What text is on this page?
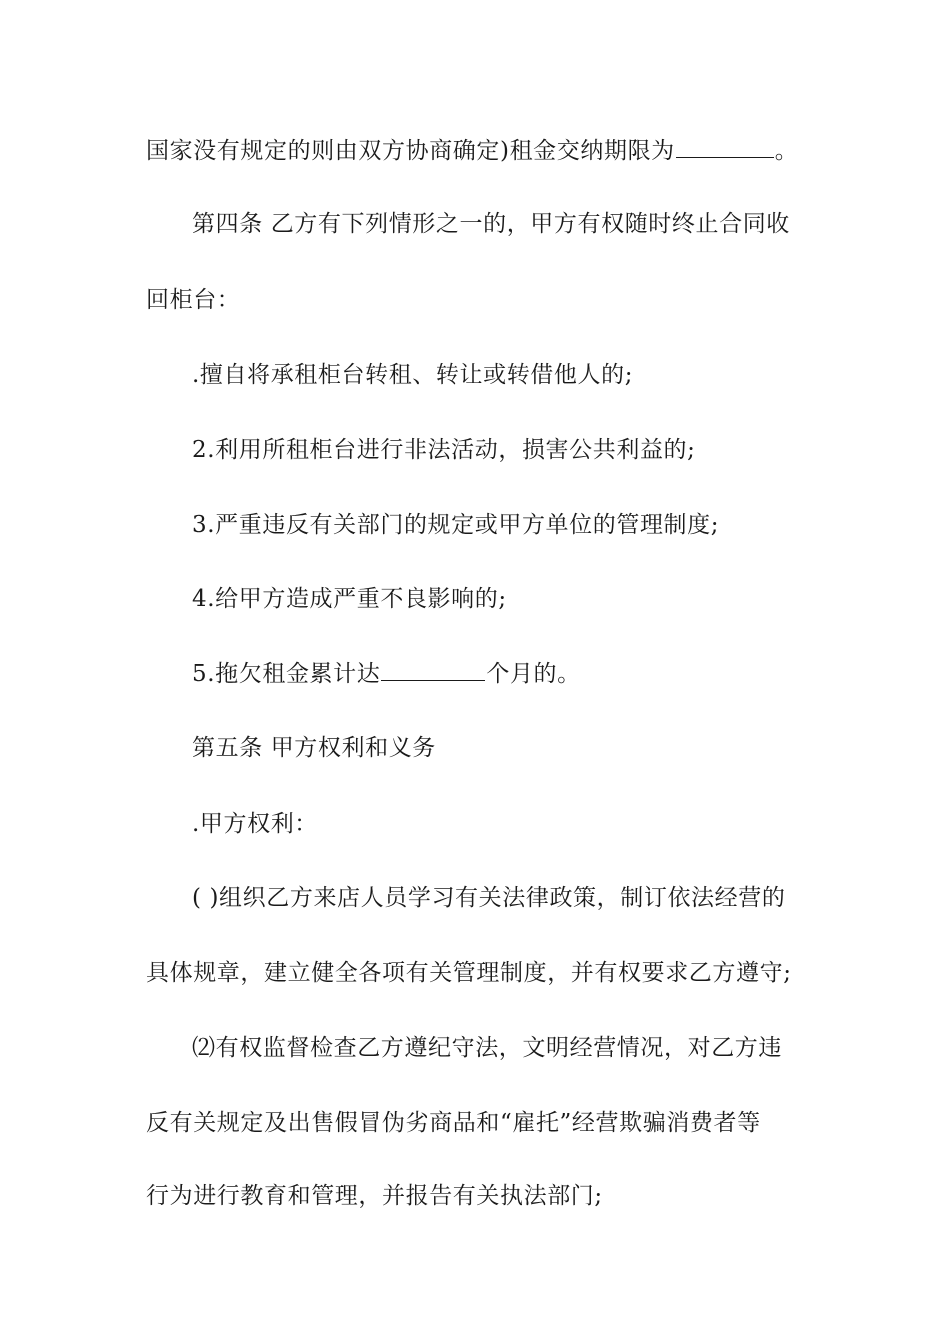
国家没有规定的则由双方协商确定)租金交纳期限为	。
第四条 乙方有下列情形之一的，甲方有权随时终止合同收
回柜台：
.擅自将承租柜台转租、转让或转借他人的;
2.利用所租柜台进行非法活动，损害公共利益的;
3.严重违反有关部门的规定或甲方单位的管理制度;
4.给甲方造成严重不良影响的;
5.拖欠租金累计达	个月的。
第五条 甲方权利和义务
.甲方权利：
( )组织乙方来店人员学习有关法律政策，制订依法经营的
具体规章，建立健全各项有关管理制度，并有权要求乙方遵守;
⑵有权监督检查乙方遵纪守法，文明经营情况，对乙方违
反有关规定及出售假冒伪劣商品和“雇托”经营欺骗消费者等
行为进行教育和管理，并报告有关执法部门;
